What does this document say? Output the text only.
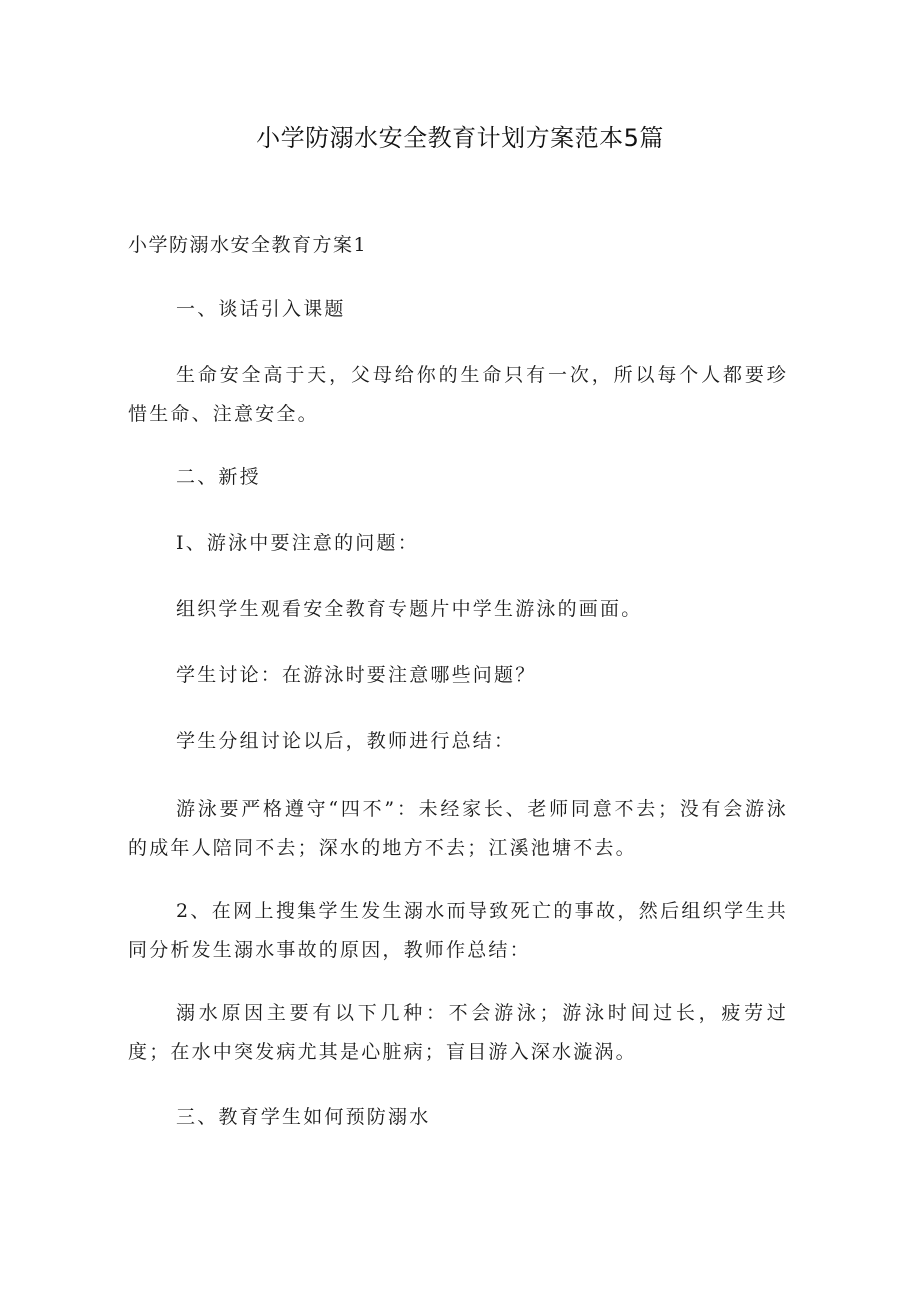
小学防溺水安全教育计划方案范本5篇
小学防溺水安全教育方案1
一、谈话引入课题
生命安全高于天，父母给你的生命只有一次，所以每个人都要珍惜生命、注意安全。
二、新授
I、游泳中要注意的问题：
组织学生观看安全教育专题片中学生游泳的画面。
学生讨论：在游泳时要注意哪些问题？
学生分组讨论以后，教师进行总结：
游泳要严格遵守“四不”：未经家长、老师同意不去；没有会游泳的成年人陪同不去；深水的地方不去；江溪池塘不去。
2、在网上搜集学生发生溺水而导致死亡的事故，然后组织学生共同分析发生溺水事故的原因，教师作总结：
溺水原因主要有以下几种：不会游泳；游泳时间过长，疲劳过度；在水中突发病尤其是心脏病；盲目游入深水漩涡。
三、教育学生如何预防溺水
